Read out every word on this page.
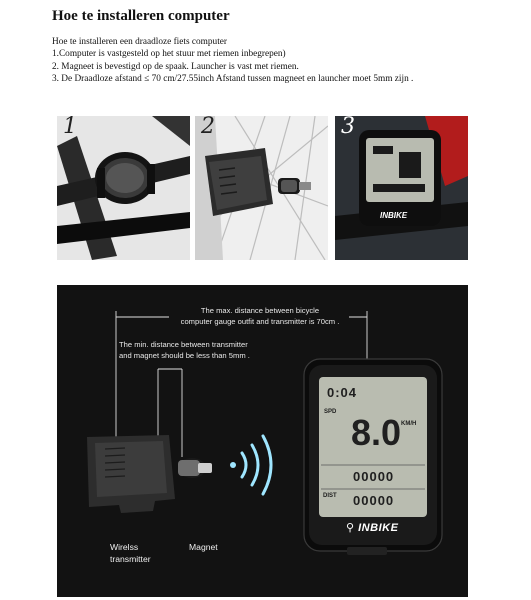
Hoe te installeren computer
Hoe te installeren een draadloze fiets computer
1.Computer is vastgesteld op het stuur met riemen inbegrepen)
2. Magneet is bevestigd op de spaak. Launcher is vast met riemen.
3. De Draadloze afstand ≤ 70 cm/27.55inch Afstand tussen magneet en launcher moet 5mm zijn .
1	2
INBIKE
3
The max. distance between bicycle
computer gauge outfit and transmitter is 70cm .
The min. distance between transmitter
and magnet should be less than 5mm .
0:04
SPD 8.0 KM/H
00000
DIST 00000
⚲ INBIKE
Wirelss
transmitter
Magnet
